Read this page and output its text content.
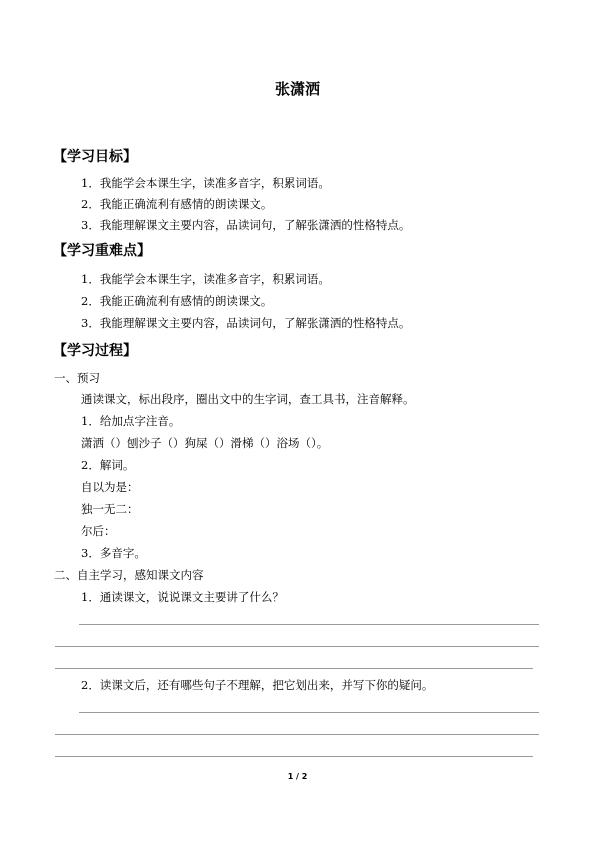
张潇洒
【学习目标】
1．我能学会本课生字，读准多音字，积累词语。
2．我能正确流利有感情的朗读课文。
3．我能理解课文主要内容，品读词句，了解张潇洒的性格特点。
【学习重难点】
1．我能学会本课生字，读准多音字，积累词语。
2．我能正确流利有感情的朗读课文。
3．我能理解课文主要内容，品读词句，了解张潇洒的性格特点。
【学习过程】
一、预习
通读课文，标出段序，圈出文中的生字词，查工具书，注音解释。
1．给加点字注音。
潇洒（）刨沙子（）狗屎（）滑梯（）浴场（）。
2．解词。
自以为是：
独一无二：
尔后：
3．多音字。
二、自主学习，感知课文内容
1．通读课文，说说课文主要讲了什么？
2．读课文后，还有哪些句子不理解，把它划出来，并写下你的疑问。
1 / 2
